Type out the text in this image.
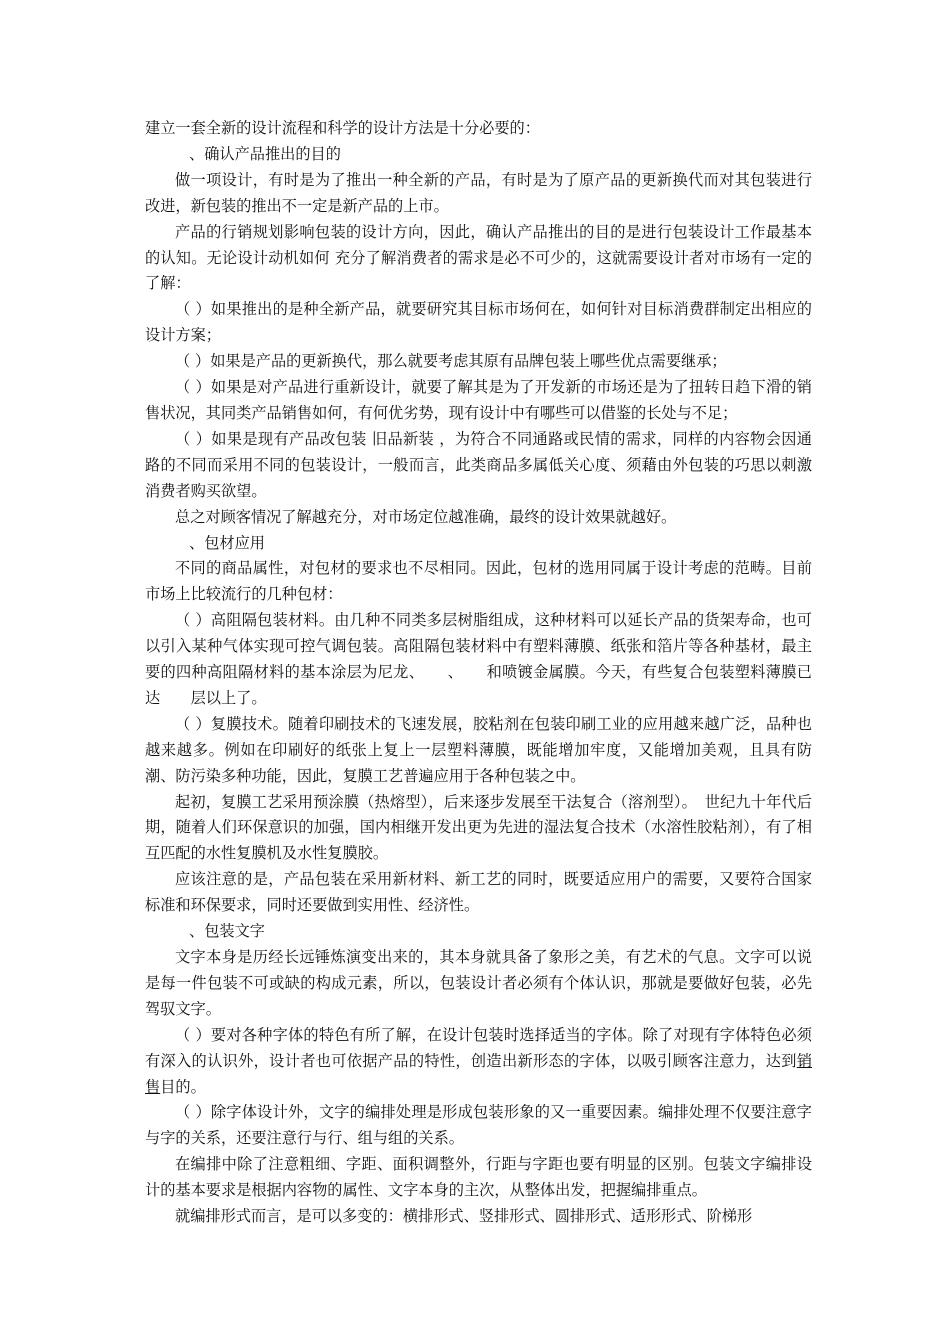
建立一套全新的设计流程和科学的设计方法是十分必要的：

、确认产品推出的目的

做一项设计，有时是为了推出一种全新的产品，有时是为了原产品的更新换代而对其包装进行改进，新包装的推出不一定是新产品的上市。

产品的行销规划影响包装的设计方向，因此，确认产品推出的目的是进行包装设计工作最基本的认知。无论设计动机如何 充分了解消费者的需求是必不可少的，这就需要设计者对市场有一定的了解：

（ ）如果推出的是种全新产品，就要研究其目标市场何在，如何针对目标消费群制定出相应的设计方案；

（ ）如果是产品的更新换代，那么就要考虑其原有品牌包装上哪些优点需要继承；

（ ）如果是对产品进行重新设计，就要了解其是为了开发新的市场还是为了扭转日趋下滑的销售状况，其同类产品销售如何，有何优劣势，现有设计中有哪些可以借鉴的长处与不足；

（ ）如果是现有产品改包装 旧品新装 ，为符合不同通路或民情的需求，同样的内容物会因通路的不同而采用不同的包装设计，一般而言，此类商品多属低关心度、须藉由外包装的巧思以刺激消费者购买欲望。

总之对顾客情况了解越充分，对市场定位越准确，最终的设计效果就越好。

、包材应用

不同的商品属性，对包材的要求也不尽相同。因此，包材的选用同属于设计考虑的范畴。目前市场上比较流行的几种包材：

（ ）高阻隔包装材料。由几种不同类多层树脂组成，这种材料可以延长产品的货架寿命，也可以引入某种气体实现可控气调包装。高阻隔包装材料中有塑料薄膜、纸张和箔片等各种基材，最主要的四种高阻隔材料的基本涂层为尼龙、　　、　　和喷镀金属膜。今天，有些复合包装塑料薄膜已达　　层以上了。

（ ）复膜技术。随着印刷技术的飞速发展，胶粘剂在包装印刷工业的应用越来越广泛，品种也越来越多。例如在印刷好的纸张上复上一层塑料薄膜，既能增加牢度，又能增加美观，且具有防潮、防污染多种功能，因此，复膜工艺普遍应用于各种包装之中。

起初，复膜工艺采用预涂膜（热熔型），后来逐步发展至干法复合（溶剂型）。　世纪九十年代后期，随着人们环保意识的加强，国内相继开发出更为先进的湿法复合技术（水溶性胶粘剂），有了相互匹配的水性复膜机及水性复膜胶。

应该注意的是，产品包装在采用新材料、新工艺的同时，既要适应用户的需要，又要符合国家标准和环保要求，同时还要做到实用性、经济性。

、包装文字

文字本身是历经长远锤炼演变出来的，其本身就具备了象形之美，有艺术的气息。文字可以说是每一件包装不可或缺的构成元素，所以，包装设计者必须有个体认识，那就是要做好包装，必先驾驭文字。

（ ）要对各种字体的特色有所了解，在设计包装时选择适当的字体。除了对现有字体特色必须有深入的认识外，设计者也可依据产品的特性，创造出新形态的字体，以吸引顾客注意力，达到销售目的。

（ ）除字体设计外，文字的编排处理是形成包装形象的又一重要因素。编排处理不仅要注意字与字的关系，还要注意行与行、组与组的关系。

在编排中除了注意粗细、字距、面积调整外，行距与字距也要有明显的区别。包装文字编排设计的基本要求是根据内容物的属性、文字本身的主次，从整体出发，把握编排重点。

就编排形式而言，是可以多变的：横排形式、竖排形式、圆排形式、适形形式、阶梯形
